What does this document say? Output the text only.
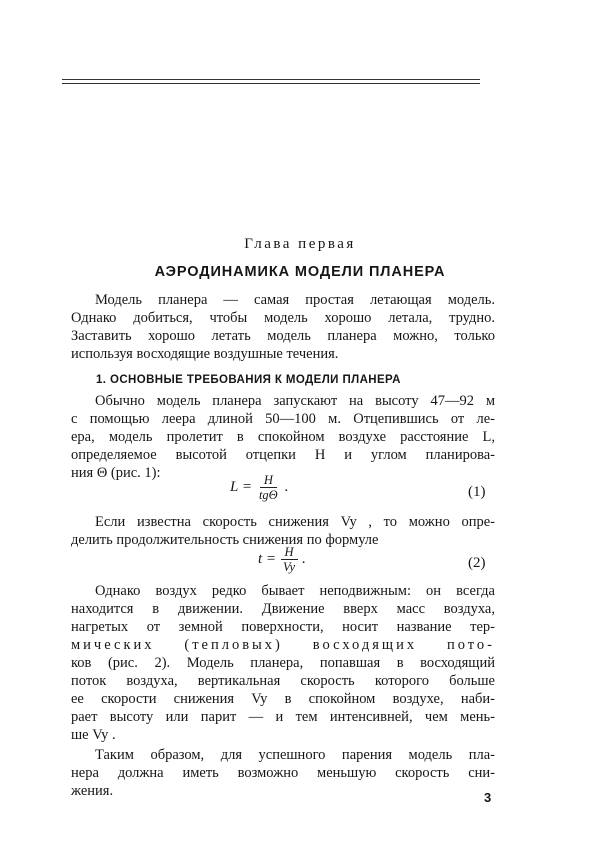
Глава первая
АЭРОДИНАМИКА МОДЕЛИ ПЛАНЕРА
Модель планера — самая простая летающая модель.
Однако добиться, чтобы модель хорошо летала, трудно.
Заставить хорошо летать модель планера можно, только
используя восходящие воздушные течения.
1. ОСНОВНЫЕ ТРЕБОВАНИЯ К МОДЕЛИ ПЛАНЕРА
Обычно модель планера запускают на высоту 47—92 м
с помощью леера длиной 50—100 м. Отцепившись от ле-
ера, модель пролетит в спокойном воздухе расстояние L,
определяемое высотой отцепки H и углом планирова-
ния Θ (рис. 1):
$L = \frac{H}{\text{tgΘ}}$ .	(1)
Если известна скорость снижения Vy , то можно опре-
делить продолжительность снижения по формуле
$t = \frac{H}{Vy}$ .	(2)
Однако воздух редко бывает неподвижным: он всегда
находится в движении. Движение вверх масс воздуха,
нагретых от земной поверхности, носит название тер-
мических (тепловых) восходящих пото-
ков (рис. 2). Модель планера, попавшая в восходящий
поток воздуха, вертикальная скорость которого больше
ее скорости снижения Vy в спокойном воздухе, наби-
рает высоту или парит — и тем интенсивней, чем мень-
ше Vy .
Таким образом, для успешного парения модель пла-
нера должна иметь возможно меньшую скорость сни-
жения.	3
